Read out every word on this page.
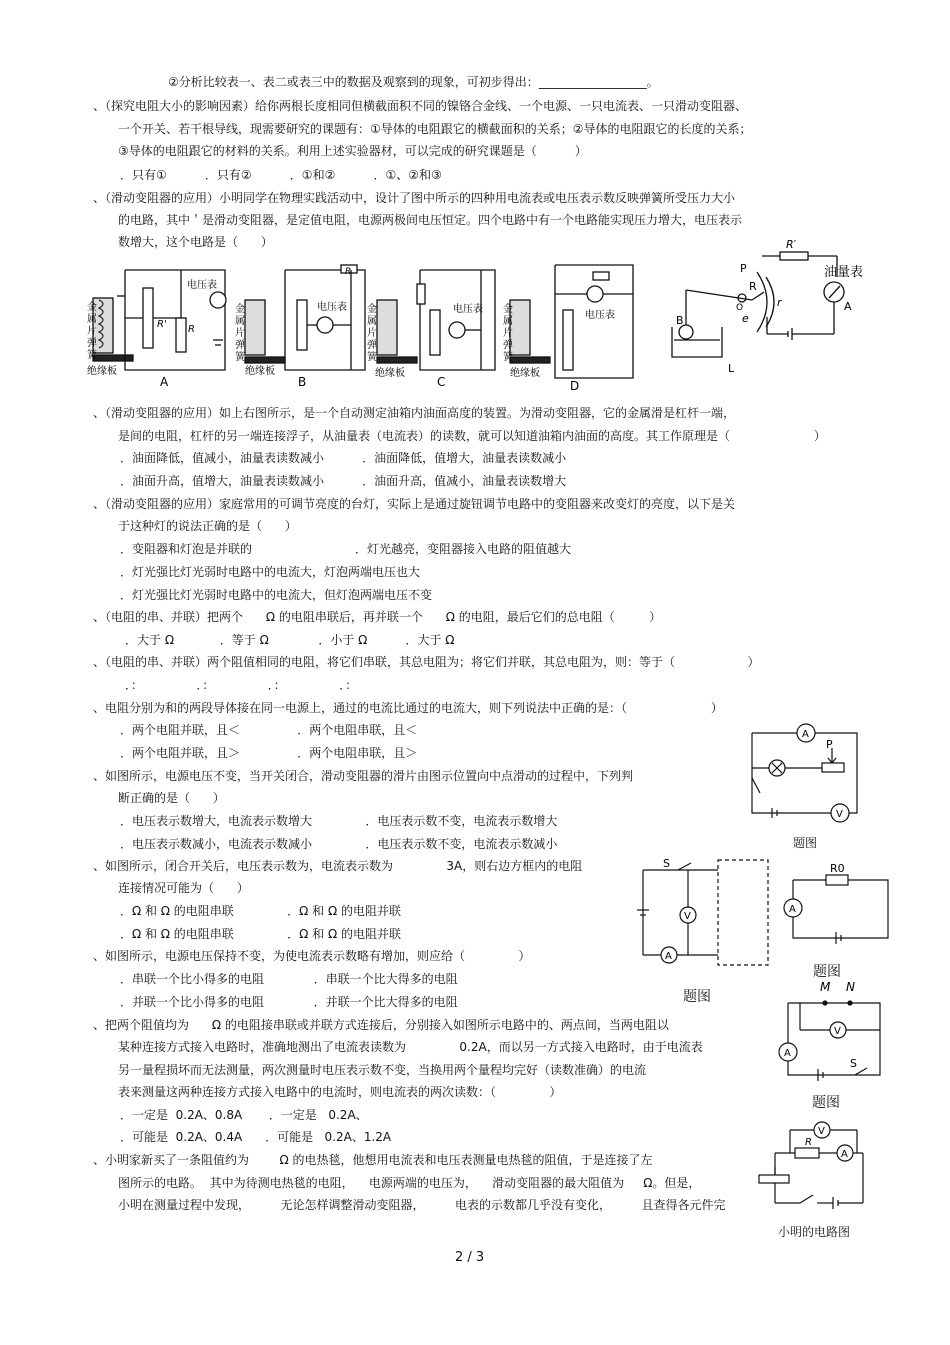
②分析比较表一、表二或表三中的数据及观察到的现象，可初步得出：__________________。
、（探究电阻大小的影响因素）给你两根长度相同但横截面积不同的镍铬合金线、一个电源、一只电流表、一只滑动变阻器、
一个开关、若干根导线，现需要研究的课题有：①导体的电阻跟它的横截面积的关系；②导体的电阻跟它的长度的关系；
③导体的电阻跟它的材料的关系。利用上述实验器材，可以完成的研究课题是（          ）
．只有①          ．只有②          ．①和②          ．①、②和③
、（滑动变阻器的应用）小明同学在物理实践活动中，设计了图中所示的四种用电流表或电压表示数反映弹簧所受压力大小
的电路，其中＇是滑动变阻器，是定值电阻，电源两极间电压恒定。四个电路中有一个电路能实现压力增大，电压表示
数增大，这个电路是（      ）
、（滑动变阻器的应用）如上右图所示，是一个自动测定油箱内油面高度的装置。为滑动变阻器，它的金属滑是杠杆一端，
是间的电阻，杠杆的另一端连接浮子，从油量表（电流表）的读数，就可以知道油箱内油面的高度。其工作原理是（                      ）
．油面降低，值减小，油量表读数减小          ．油面降低，值增大，油量表读数减小
．油面升高，值增大，油量表读数减小          ．油面升高，值减小，油量表读数增大
、（滑动变阻器的应用）家庭常用的可调节亮度的台灯，实际上是通过旋钮调节电路中的变阻器来改变灯的亮度，以下是关
于这种灯的说法正确的是（      ）
．变阻器和灯泡是并联的                           ．灯光越亮，变阻器接入电路的阻值越大
．灯光强比灯光弱时电路中的电流大，灯泡两端电压也大
．灯光强比灯光弱时电路中的电流大，但灯泡两端电压不变
、（电阻的串、并联）把两个      Ω 的电阻串联后，再并联一个      Ω 的电阻，最后它们的总电阻（         ）
．大于 Ω            ．等于 Ω             ．小于 Ω          ．大于 Ω
、（电阻的串、并联）两个阻值相同的电阻，将它们串联，其总电阻为；将它们并联，其总电阻为，则：等于（                   ）
．：              ．：              ．：              ．：
、电阻分别为和的两段导体接在同一电源上，通过的电流比通过的电流大，则下列说法中正确的是：（                      ）
．两个电阻并联，且＜               ．两个电阻串联，且＜
．两个电阻并联，且＞               ．两个电阻串联，且＞
、如图所示，电源电压不变，当开关闭合，滑动变阻器的滑片由图示位置向中点滑动的过程中，下列判
断正确的是（      ）
．电压表示数增大，电流表示数增大              ．电压表示数不变，电流表示数增大
．电压表示数减小，电流表示数减小              ．电压表示数不变，电流表示数减小
、如图所示，闭合开关后，电压表示数为，电流表示数为              3A，则右边方框内的电阻
连接情况可能为（      ）
．Ω 和 Ω 的电阻串联              ．Ω 和 Ω 的电阻并联
．Ω 和 Ω 的电阻串联              ．Ω 和 Ω 的电阻并联
、如图所示，电源电压保持不变，为使电流表示数略有增加，则应给（              ）
．串联一个比小得多的电阻             ．串联一个比大得多的电阻
．并联一个比小得多的电阻             ．并联一个比大得多的电阻
、把两个阻值均为      Ω 的电阻接串联或并联方式连接后，分别接入如图所示电路中的、两点间，当两电阻以
某种连接方式接入电路时，准确地测出了电流表读数为              0.2A，而以另一方式接入电路时，由于电流表
另一量程损坏而无法测量，两次测量时电压表示数不变，当换用两个量程均完好（读数准确）的电流
表来测量这两种连接方式接入电路中的电流时，则电流表的两次读数：（              ）
．一定是  0.2A、0.8A       ．一定是   0.2A、
．可能是  0.2A、0.4A      ．可能是   0.2A、1.2A
、小明家新买了一条阻值约为        Ω 的电热毯，他想用电流表和电压表测量电热毯的阻值，于是连接了左
图所示的电路。  其中为待测电热毯的电阻，    电源两端的电压为，    滑动变阻器的最大阻值为     Ω。但是，
小明在测量过程中发现，        无论怎样调整滑动变阻器，        电表的示数都几乎没有变化，        且查得各元件完
金
属
片
弹
簧
绝缘板
R' R
电压表
A
金
属
片
弹
簧
绝缘板
电压表
R
B
金
属
片
弹
簧
绝缘板
电压表
C
金
属
片
弹
簧
绝缘板
电压表
D
油量表
R′
P
R
O
e
r
B
A
L
A
V
P
题图
S
V
A
题图
R0
A
题图
M N
V
A
S
题图
V
A
R
小明的电路图
2 / 3
